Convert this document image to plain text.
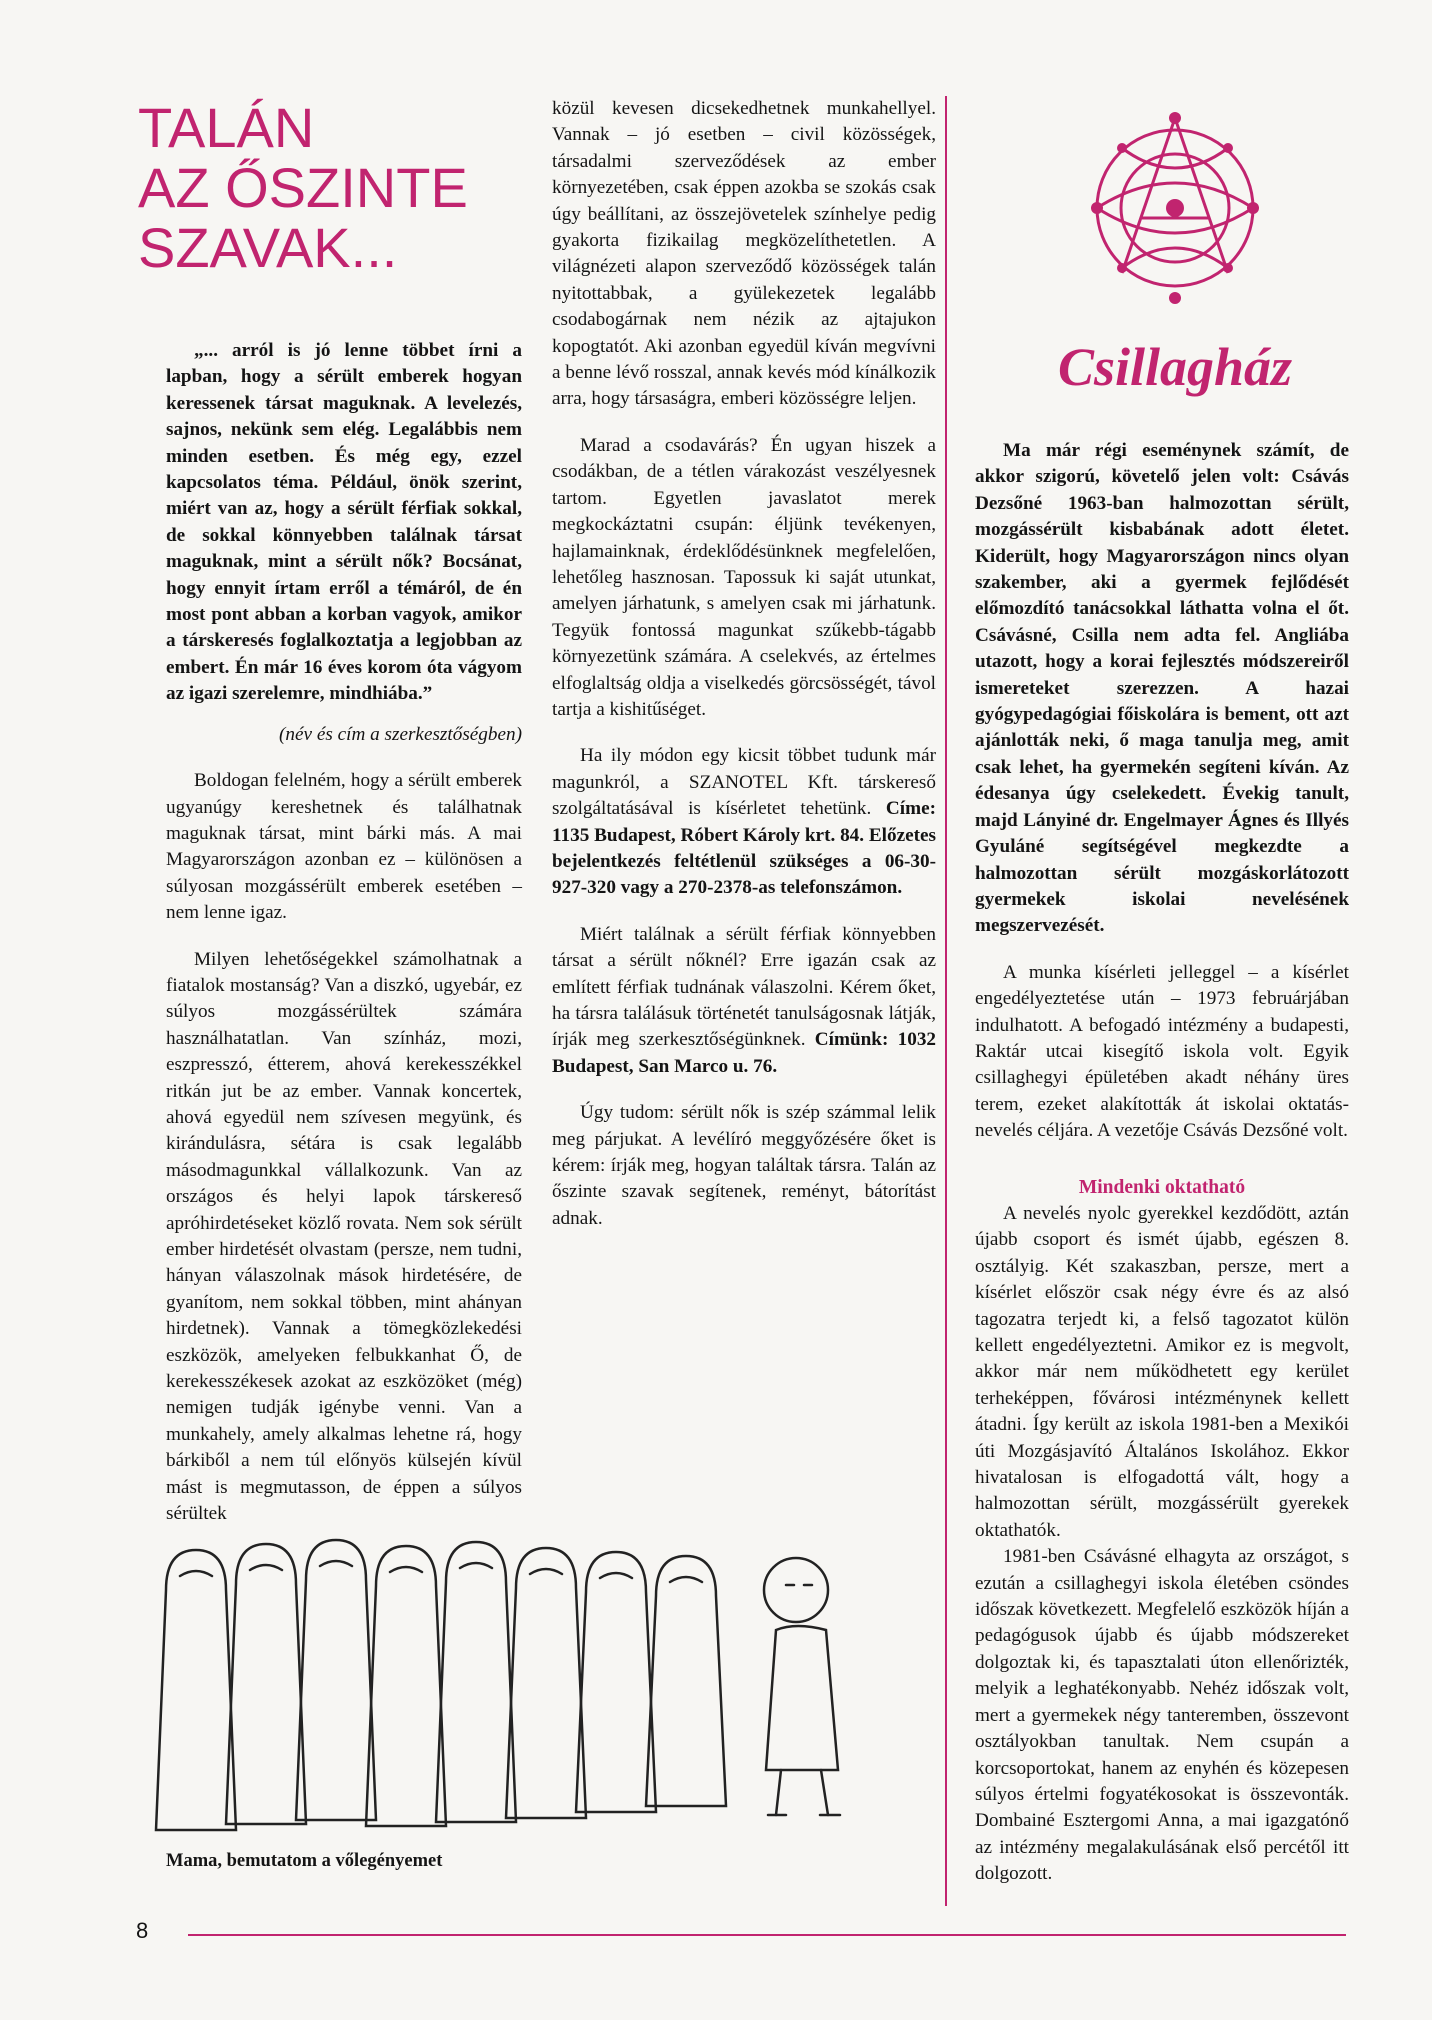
TALÁN
AZ ŐSZINTE
SZAVAK...

„... arról is jó lenne többet írni a lapban, hogy a sérült emberek hogyan keressenek társat maguknak. A levelezés, sajnos, nekünk sem elég. Legalábbis nem minden esetben. És még egy, ezzel kapcsolatos téma. Például, önök szerint, miért van az, hogy a sérült férfiak sokkal, de sokkal könnyebben találnak társat maguknak, mint a sérült nők? Bocsánat, hogy ennyit írtam erről a témáról, de én most pont abban a korban vagyok, amikor a társkeresés foglalkoztatja a legjobban az embert. Én már 16 éves korom óta vágyom az igazi szerelemre, mindhiába.”

(név és cím a szerkesztőségben)

Boldogan felelném, hogy a sérült emberek ugyanúgy kereshetnek és találhatnak maguknak társat, mint bárki más. A mai Magyarországon azonban ez – különösen a súlyosan mozgássérült emberek esetében – nem lenne igaz.

Milyen lehetőségekkel számolhatnak a fiatalok mostanság? Van a diszkó, ugyebár, ez súlyos mozgássérültek számára használhatatlan. Van színház, mozi, eszpresszó, étterem, ahová kerekesszékkel ritkán jut be az ember. Vannak koncertek, ahová egyedül nem szívesen megyünk, és kirándulásra, sétára is csak legalább másodmagunkkal vállalkozunk. Van az országos és helyi lapok társkereső apróhirdetéseket közlő rovata. Nem sok sérült ember hirdetését olvastam (persze, nem tudni, hányan válaszolnak mások hirdetésére, de gyanítom, nem sokkal többen, mint ahányan hirdetnek). Vannak a tömegközlekedési eszközök, amelyeken felbukkanhat Ő, de kerekesszékesek azokat az eszközöket (még) nemigen tudják igénybe venni. Van a munkahely, amely alkalmas lehetne rá, hogy bárkiből a nem túl előnyös külsején kívül mást is megmutasson, de éppen a súlyos sérültek

közül kevesen dicsekedhetnek munkahellyel. Vannak – jó esetben – civil közösségek, társadalmi szerveződések az ember környezetében, csak éppen azokba se szokás csak úgy beállítani, az összejövetelek színhelye pedig gyakorta fizikailag megközelíthetetlen. A világnézeti alapon szerveződő közösségek talán nyitottabbak, a gyülekezetek legalább csodabogárnak nem nézik az ajtajukon kopogtatót. Aki azonban egyedül kíván megvívni a benne lévő rosszal, annak kevés mód kínálkozik arra, hogy társaságra, emberi közösségre leljen.

Marad a csodavárás? Én ugyan hiszek a csodákban, de a tétlen várakozást veszélyesnek tartom. Egyetlen javaslatot merek megkockáztatni csupán: éljünk tevékenyen, hajlamainknak, érdeklődésünknek megfelelően, lehetőleg hasznosan. Tapossuk ki saját utunkat, amelyen járhatunk, s amelyen csak mi járhatunk. Tegyük fontossá magunkat szűkebb-tágabb környezetünk számára. A cselekvés, az értelmes elfoglaltság oldja a viselkedés görcsösségét, távol tartja a kishitűséget.

Ha ily módon egy kicsit többet tudunk már magunkról, a SZANOTEL Kft. társkereső szolgáltatásával is kísérletet tehetünk. Címe: 1135 Budapest, Róbert Károly krt. 84. Előzetes bejelentkezés feltétlenül szükséges a 06-30-927-320 vagy a 270-2378-as telefonszámon.

Miért találnak a sérült férfiak könnyebben társat a sérült nőknél? Erre igazán csak az említett férfiak tudnának válaszolni. Kérem őket, ha társra találásuk történetét tanulságosnak látják, írják meg szerkesztőségünknek. Címünk: 1032 Budapest, San Marco u. 76.

Úgy tudom: sérült nők is szép számmal lelik meg párjukat. A levélíró meggyőzésére őket is kérem: írják meg, hogyan találtak társra. Talán az őszinte szavak segítenek, reményt, bátorítást adnak.

Csillagház

Ma már régi eseménynek számít, de akkor szigorú, követelő jelen volt: Csávás Dezsőné 1963-ban halmozottan sérült, mozgássérült kisbabának adott életet. Kiderült, hogy Magyarországon nincs olyan szakember, aki a gyermek fejlődését előmozdító tanácsokkal láthatta volna el őt. Csávásné, Csilla nem adta fel. Angliába utazott, hogy a korai fejlesztés módszereiről ismereteket szerezzen. A hazai gyógypedagógiai főiskolára is bement, ott azt ajánlották neki, ő maga tanulja meg, amit csak lehet, ha gyermekén segíteni kíván. Az édesanya úgy cselekedett. Évekig tanult, majd Lányiné dr. Engelmayer Ágnes és Illyés Gyuláné segítségével megkezdte a halmozottan sérült mozgáskorlátozott gyermekek iskolai nevelésének megszervezését.

A munka kísérleti jelleggel – a kísérlet engedélyeztetése után – 1973 februárjában indulhatott. A befogadó intézmény a budapesti, Raktár utcai kisegítő iskola volt. Egyik csillaghegyi épületében akadt néhány üres terem, ezeket alakították át iskolai oktatás-nevelés céljára. A vezetője Csávás Dezsőné volt.

Mindenki oktatható

A nevelés nyolc gyerekkel kezdődött, aztán újabb csoport és ismét újabb, egészen 8. osztályig. Két szakaszban, persze, mert a kísérlet először csak négy évre és az alsó tagozatra terjedt ki, a felső tagozatot külön kellett engedélyeztetni. Amikor ez is megvolt, akkor már nem működhetett egy kerület terheképpen, fővárosi intézménynek kellett átadni. Így került az iskola 1981-ben a Mexikói úti Mozgásjavító Általános Iskolához. Ekkor hivatalosan is elfogadottá vált, hogy a halmozottan sérült, mozgássérült gyerekek oktathatók.

1981-ben Csávásné elhagyta az országot, s ezután a csillaghegyi iskola életében csöndes időszak következett. Megfelelő eszközök híján a pedagógusok újabb és újabb módszereket dolgoztak ki, és tapasztalati úton ellenőrizték, melyik a leghatékonyabb. Nehéz időszak volt, mert a gyermekek négy tanteremben, összevont osztályokban tanultak. Nem csupán a korcsoportokat, hanem az enyhén és közepesen súlyos értelmi fogyatékosokat is összevonták. Dombainé Esztergomi Anna, a mai igazgatónő az intézmény megalakulásának első percétől itt dolgozott.

Mama, bemutatom a vőlegényemet
8
